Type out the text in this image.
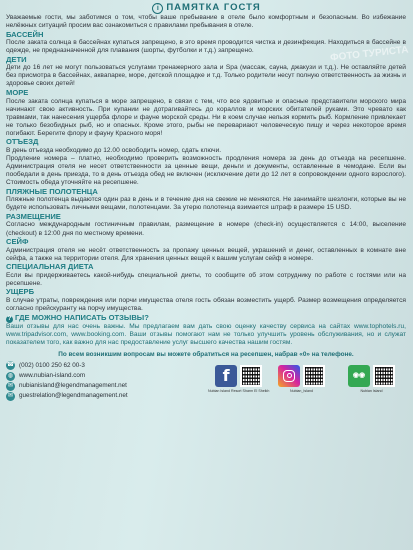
ФОТО ТУРИСТА
i ПАМЯТКА ГОСТЯ
Уважаемые гости, мы заботимся о том, чтобы ваше пребывание в отеле было комфортным и безопасным. Во избежание нелёжных ситуаций просим вас ознакомиться с правилами пребывания в отеле.
БАССЕЙН
После заката солнца в бассейнах купаться запрещено, в это время проводится чистка и дезинфекция. Находиться в бассейне в одежде, не предназначенной для плавания (шорты, футболки и т.д.) запрещено.
ДЕТИ
Дети до 16 лет не могут пользоваться услугами тренажерного зала и Spa (массаж, сауна, джакузи и т.д.). Не оставляйте детей без присмотра в бассейнах, аквапарке, море, детской площадке и т.д. Только родители несут полную ответственность за жизнь и здоровье своих детей!
МОРЕ
После заката солнца купаться в море запрещено, в связи с тем, что все ядовитые и опасные представители морского мира начинают свою активность. При купании не дотрагивайтесь до кораллов и морских обитателей руками. Это чревато как травмами, так нанесения ущерба флоре и фауне морской среды. Ни в коем случае нельзя кормить рыб. Кормление привлекает не только безобидных рыб, но и опасных. Кроме этого, рыбы не перевариают человеческую пищу и через некоторое время погибают. Берегите флору и фауну Красного моря!
ОТЪЕЗД
В день отъезда необходимо до 12.00 освободить номер, сдать ключи.
Продление номера – платно, необходимо проверить возможность продления номера за день до отъезда на ресепшене. Администрация отеля не несет ответственности за ценные вещи, деньги и документы, оставленные в чемодане. Если вы пообедали в день приезда, то в день отъезда обед не включен (исключение дети до 12 лет в сопровождении одного взрослого). Стоимость обеда уточняйте на ресепшене.
ПЛЯЖНЫЕ ПОЛОТЕНЦА
Пляжные полотенца выдаются один раз в день и в течение дня на свежие не меняются. Не занимайте шезлонги, которые вы не будете использовать личными вещами, полотенцами. За утерю полотенца взимается штраф в размере 15 USD.
РАЗМЕЩЕНИЕ
Согласно международным гостиничным правилам, размещение в номере (check-in) осуществляется с 14:00, выселение (checkout) в 12:00 дня по местному времени.
СЕЙФ
Администрация отеля не несёт ответственность за пропажу ценных вещей, украшений и денег, оставленных в комнате вне сейфа, а также на территории отеля. Для хранения ценных вещей к вашим услугам сейф в номере.
СПЕЦИАЛЬНАЯ ДИЕТА
Если вы придерживаетесь какой-нибудь специальной диеты, то сообщите об этом сотруднику по работе с гостями или на ресепшене.
УЩЕРБ
В случае утраты, повреждения или порчи имущества отеля гость обязан возместить ущерб. Размер возмещения определяется согласно прейскуранту на порчу имущества.
? ГДЕ МОЖНО НАПИСАТЬ ОТЗЫВЫ?
Ваши отзывы для нас очень важны. Мы предлагаем вам дать свою оценку качеству сервиса на сайтах www.tophotels.ru, www.tripadvisor.com, www.booking.com. Ваши отзывы помогают нам не только улучшить уровень обслуживания, но и служат показателем того, как важно для нас предоставление услуг высшего качества нашим гостям.
По всем возникшим вопросам вы можете обратиться на ресепшен, набрав «0» на телефоне.
☎ (002) 0100 250 62 00-3
◍ www.nubian-island.com
✉ nubianisland@legendmanagement.net
✉ guestrelation@legendmanagement.net
f
Nubian Island Resort Sharm El Sheikh	Nubian_Island
◉◉
Nubian Island
